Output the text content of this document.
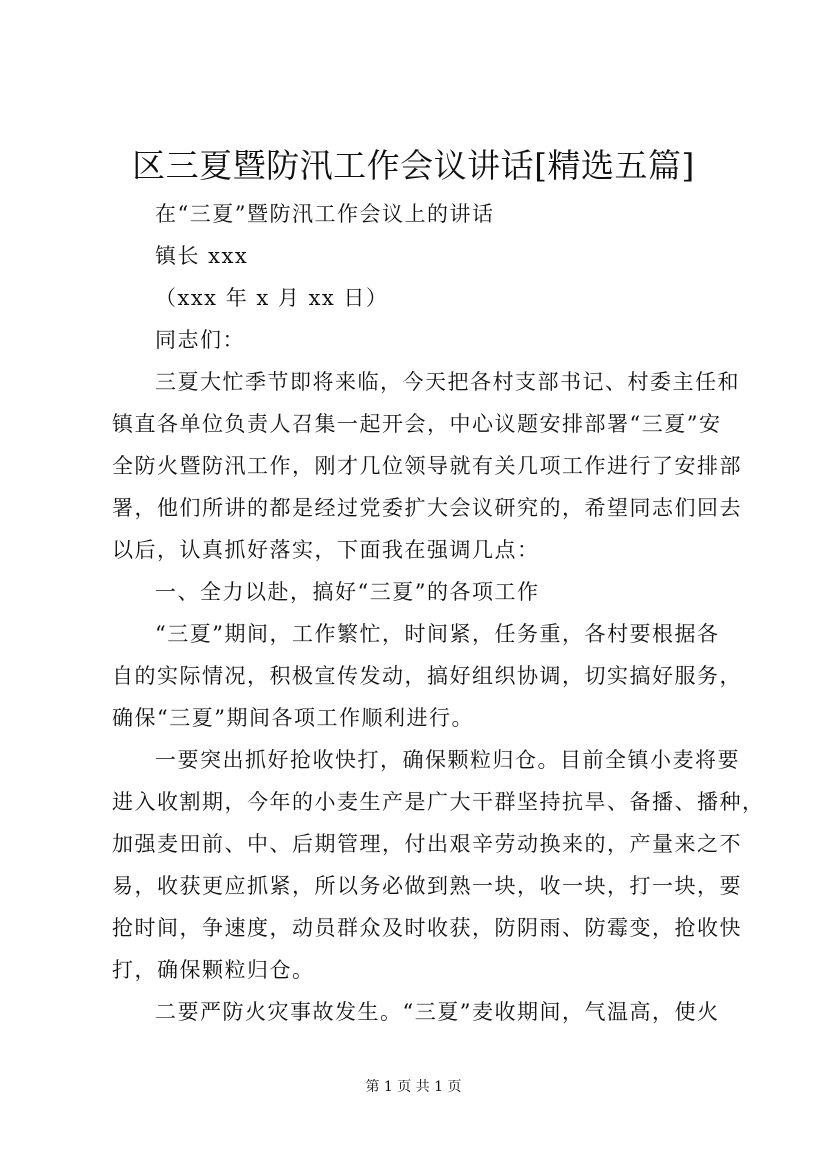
区三夏暨防汛工作会议讲话[精选五篇]
在“三夏”暨防汛工作会议上的讲话
镇长 xxx
（xxx 年 x 月 xx 日）
同志们：
三夏大忙季节即将来临，今天把各村支部书记、村委主任和
镇直各单位负责人召集一起开会，中心议题安排部署“三夏”安
全防火暨防汛工作，刚才几位领导就有关几项工作进行了安排部
署，他们所讲的都是经过党委扩大会议研究的，希望同志们回去
以后，认真抓好落实，下面我在强调几点：
一、全力以赴，搞好“三夏”的各项工作
“三夏”期间，工作繁忙，时间紧，任务重，各村要根据各
自的实际情况，积极宣传发动，搞好组织协调，切实搞好服务，
确保“三夏”期间各项工作顺利进行。
一要突出抓好抢收快打，确保颗粒归仓。目前全镇小麦将要
进入收割期，今年的小麦生产是广大干群坚持抗旱、备播、播种，
加强麦田前、中、后期管理，付出艰辛劳动换来的，产量来之不
易，收获更应抓紧，所以务必做到熟一块，收一块，打一块，要
抢时间，争速度，动员群众及时收获，防阴雨、防霉变，抢收快
打，确保颗粒归仓。
二要严防火灾事故发生。“三夏”麦收期间，气温高，使火
第 1 页 共 1 页
